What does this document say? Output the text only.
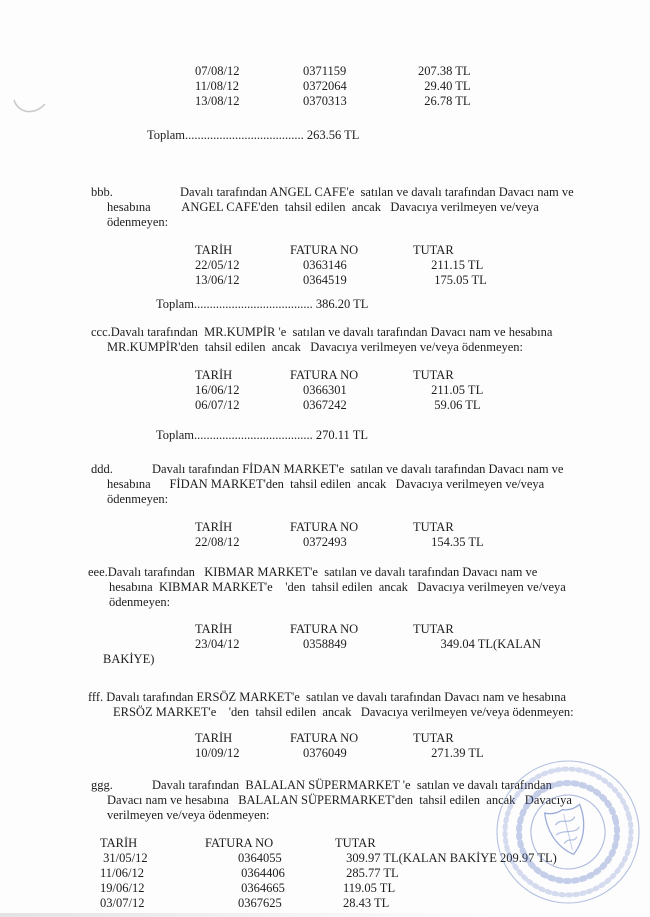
07/08/12	0371159	207.38 TL
11/08/12	0372064	29.40 TL
13/08/12	0370313	26.78 TL
Toplam...................................... 263.56 TL
bbb.	Davalı tarafından ANGEL CAFE'e  satılan ve davalı tarafından Davacı nam ve
hesabına          ANGEL CAFE'den  tahsil edilen  ancak   Davacıya verilmeyen ve/veya
ödenmeyen:
TARİH	FATURA NO	TUTAR
22/05/12	0363146	211.15 TL
13/06/12	0364519	175.05 TL
Toplam...................................... 386.20 TL
ccc.Davalı tarafından  MR.KUMPİR 'e  satılan ve davalı tarafından Davacı nam ve hesabına
MR.KUMPİR'den  tahsil edilen  ancak   Davacıya verilmeyen ve/veya ödenmeyen:
TARİH	FATURA NO	TUTAR
16/06/12	0366301	211.05 TL
06/07/12	0367242	59.06 TL
Toplam...................................... 270.11 TL
ddd.	Davalı tarafından FİDAN MARKET'e  satılan ve davalı tarafından Davacı nam ve
hesabına      FİDAN MARKET'den  tahsil edilen  ancak   Davacıya verilmeyen ve/veya
ödenmeyen:
TARİH	FATURA NO	TUTAR
22/08/12	0372493	154.35 TL
eee.Davalı tarafından   KIBMAR MARKET'e  satılan ve davalı tarafından Davacı nam ve
hesabına  KIBMAR MARKET'e    'den  tahsil edilen  ancak   Davacıya verilmeyen ve/veya
ödenmeyen:
TARİH	FATURA NO	TUTAR
23/04/12	0358849	349.04 TL(KALAN
BAKİYE)
fff. Davalı tarafından ERSÖZ MARKET'e  satılan ve davalı tarafından Davacı nam ve hesabına
ERSÖZ MARKET'e    'den  tahsil edilen  ancak   Davacıya verilmeyen ve/veya ödenmeyen:
TARİH	FATURA NO	TUTAR
10/09/12	0376049	271.39 TL
ggg.	Davalı tarafından  BALALAN SÜPERMARKET 'e  satılan ve davalı tarafından
Davacı nam ve hesabına   BALALAN SÜPERMARKET'den  tahsil edilen  ancak   Davacıya
verilmeyen ve/veya ödenmeyen:
TARİH	FATURA NO	TUTAR
31/05/12	0364055	309.97 TL(KALAN BAKİYE 209.97 TL)
11/06/12	0364406	285.77 TL
19/06/12	0364665	119.05 TL
03/07/12	0367625	28.43 TL
